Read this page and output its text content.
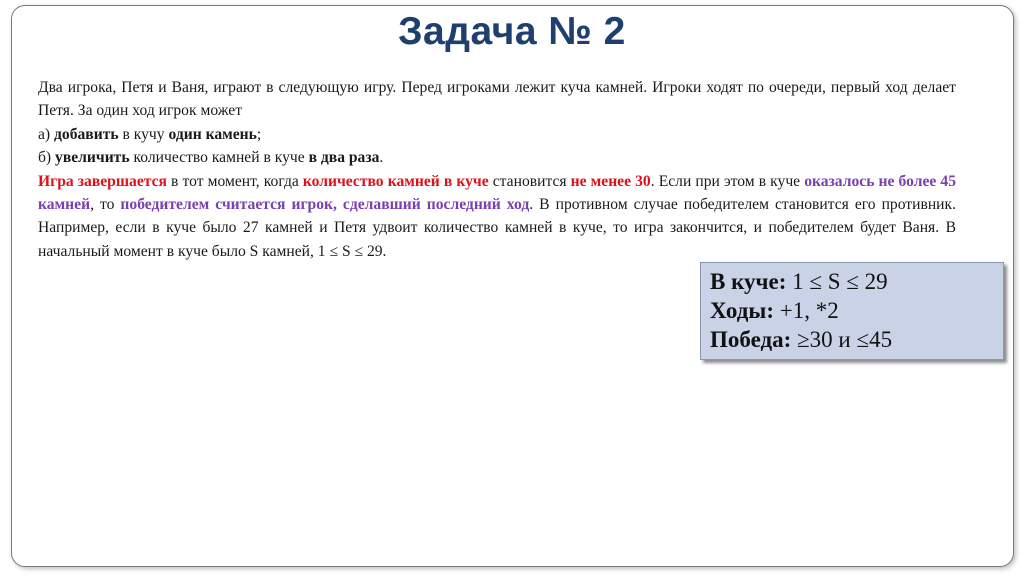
Задача № 2

Два игрока, Петя и Ваня, играют в следующую игру. Перед игроками лежит куча камней. Игроки ходят по очереди, первый ход делает Петя. За один ход игрок может

а) добавить в кучу один камень;

б) увеличить количество камней в куче в два раза.

Игра завершается в тот момент, когда количество камней в куче становится не менее 30. Если при этом в куче оказалось не более 45 камней, то победителем считается игрок, сделавший последний ход. В противном случае победителем становится его противник. Например, если в куче было 27 камней и Петя удвоит количество камней в куче, то игра закончится, и победителем будет Ваня. В начальный момент в куче было S камней, 1 ≤ S ≤ 29.

В куче: 1 ≤ S ≤ 29
Ходы: +1, *2
Победа: ≥30 и ≤45
